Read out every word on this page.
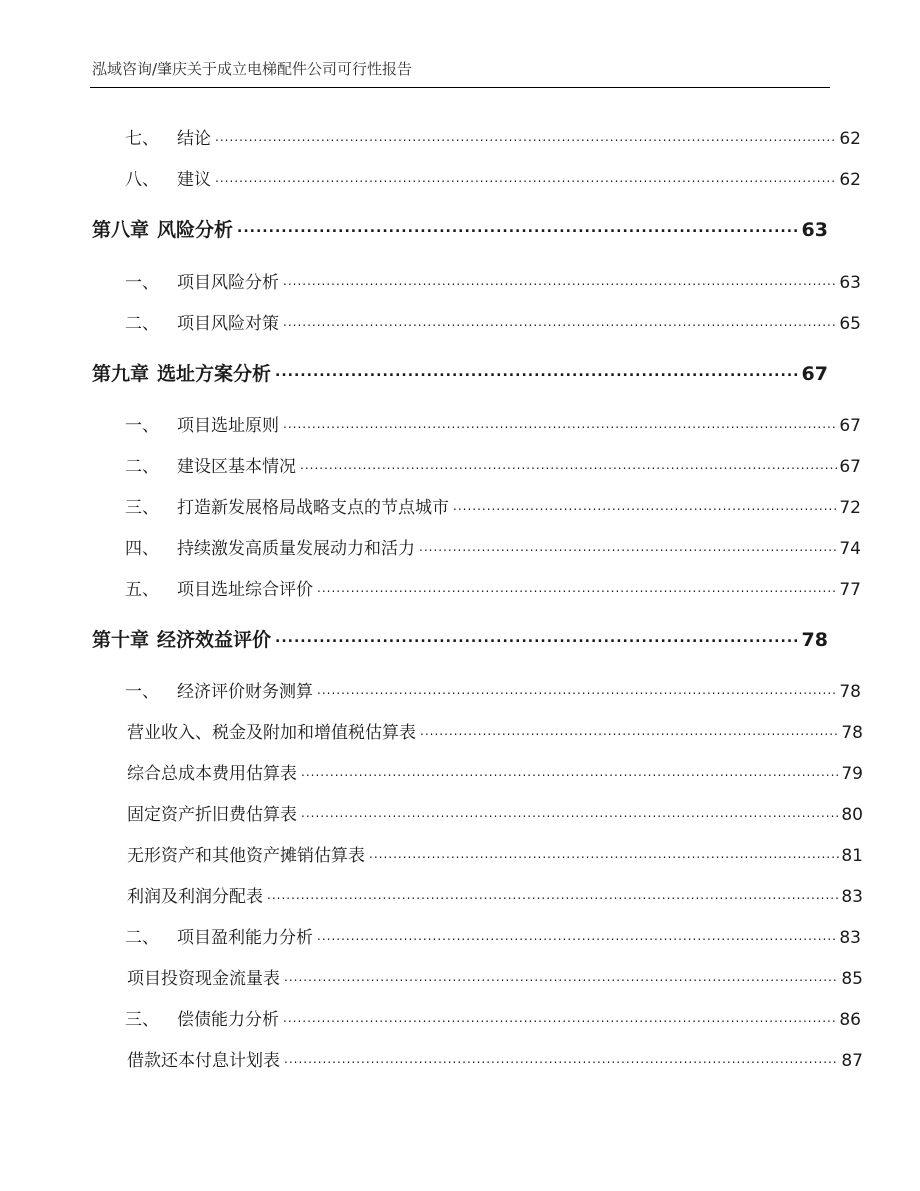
泓域咨询/肇庆关于成立电梯配件公司可行性报告
七、 结论 .....	62
八、 建议 .....	62
第八章 风险分析 .....	63
一、 项目风险分析 .....	63
二、 项目风险对策 .....	65
第九章 选址方案分析 .....	67
一、 项目选址原则 .....	67
二、 建设区基本情况 .....	67
三、 打造新发展格局战略支点的节点城市 .....	72
四、 持续激发高质量发展动力和活力 .....	74
五、 项目选址综合评价 .....	77
第十章 经济效益评价 .....	78
一、 经济评价财务测算 .....	78
营业收入、税金及附加和增值税估算表 .....	78
综合总成本费用估算表 .....	79
固定资产折旧费估算表 .....	80
无形资产和其他资产摊销估算表 .....	81
利润及利润分配表 .....	83
二、 项目盈利能力分析 .....	83
项目投资现金流量表 .....	85
三、 偿债能力分析 .....	86
借款还本付息计划表 .....	87
